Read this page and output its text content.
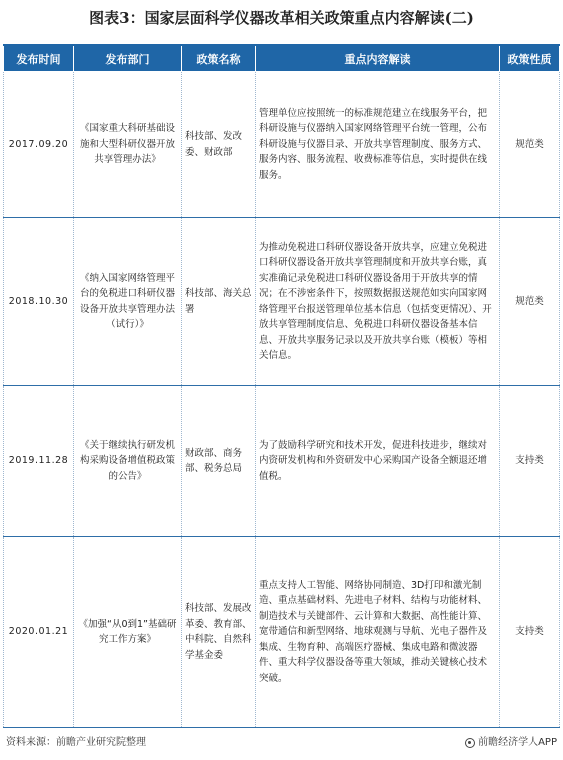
图表3：国家层面科学仪器改革相关政策重点内容解读(二)
发布时间	发布部门	政策名称	重点内容解读	政策性质
2017.09.20	《国家重大科研基础设施和大型科研仪器开放共享管理办法》	科技部、发改委、财政部	管理单位应按照统一的标准规范建立在线服务平台，把科研设施与仪器纳入国家网络管理平台统一管理，公布科研设施与仪器目录、开放共享管理制度、服务方式、服务内容、服务流程、收费标准等信息，实时提供在线服务。	规范类
2018.10.30	《纳入国家网络管理平台的免税进口科研仪器设备开放共享管理办法（试行）》	科技部、海关总署	为推动免税进口科研仪器设备开放共享，应建立免税进口科研仪器设备开放共享管理制度和开放共享台账，真实准确记录免税进口科研仪器设备用于开放共享的情况；在不涉密条件下，按照数据报送规范如实向国家网络管理平台报送管理单位基本信息（包括变更情况）、开放共享管理制度信息、免税进口科研仪器设备基本信息、开放共享服务记录以及开放共享台账（模板）等相关信息。	规范类
2019.11.28	《关于继续执行研发机构采购设备增值税政策的公告》	财政部、商务部、税务总局	为了鼓励科学研究和技术开发，促进科技进步，继续对内资研发机构和外资研发中心采购国产设备全额退还增值税。	支持类
2020.01.21	《加强“从0到1”基础研究工作方案》	科技部、发展改革委、教育部、中科院、自然科学基金委	重点支持人工智能、网络协同制造、3D打印和激光制造、重点基础材料、先进电子材料、结构与功能材料、制造技术与关键部件、云计算和大数据、高性能计算、宽带通信和新型网络、地球观测与导航、光电子器件及集成、生物育种、高端医疗器械、集成电路和微波器件、重大科学仪器设备等重大领域，推动关键核心技术突破。	支持类
资料来源：前瞻产业研究院整理	前瞻经济学人APP
